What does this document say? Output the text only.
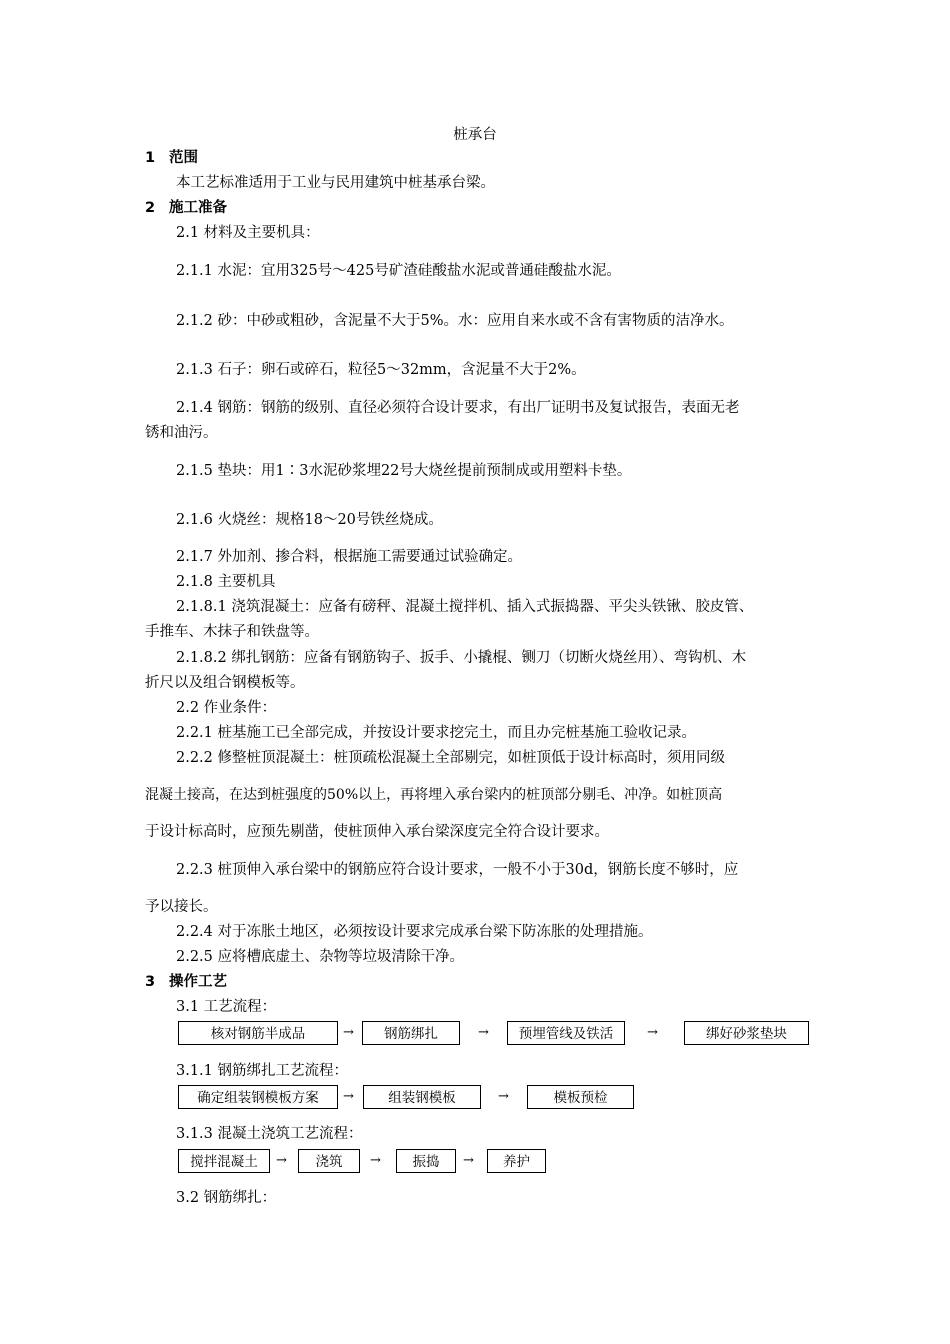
桩承台
1 范围
本工艺标准适用于工业与民用建筑中桩基承台梁。
2 施工准备
2.1 材料及主要机具：
2.1.1 水泥：宜用325号～425号矿渣硅酸盐水泥或普通硅酸盐水泥。
2.1.2 砂：中砂或粗砂，含泥量不大于5%。水：应用自来水或不含有害物质的洁净水。
2.1.3 石子：卵石或碎石，粒径5～32mm，含泥量不大于2%。
2.1.4 钢筋：钢筋的级别、直径必须符合设计要求，有出厂证明书及复试报告，表面无老
锈和油污。
2.1.5 垫块：用1∶3水泥砂浆埋22号大烧丝提前预制成或用塑料卡垫。
2.1.6 火烧丝：规格18～20号铁丝烧成。
2.1.7 外加剂、掺合料，根据施工需要通过试验确定。
2.1.8 主要机具
2.1.8.1 浇筑混凝土：应备有磅秤、混凝土搅拌机、插入式振捣器、平尖头铁锹、胶皮管、
手推车、木抹子和铁盘等。
2.1.8.2 绑扎钢筋：应备有钢筋钩子、扳手、小撬棍、铡刀（切断火烧丝用）、弯钩机、木
折尺以及组合钢模板等。
2.2 作业条件：
2.2.1 桩基施工已全部完成，并按设计要求挖完土，而且办完桩基施工验收记录。
2.2.2 修整桩顶混凝土：桩顶疏松混凝土全部剔完，如桩顶低于设计标高时，须用同级
混凝土接高，在达到桩强度的50%以上，再将埋入承台梁内的桩顶部分剔毛、冲净。如桩顶高
于设计标高时，应预先剔凿，使桩顶伸入承台梁深度完全符合设计要求。
2.2.3 桩顶伸入承台梁中的钢筋应符合设计要求，一般不小于30d，钢筋长度不够时，应
予以接长。
2.2.4 对于冻胀土地区，必须按设计要求完成承台梁下防冻胀的处理措施。
2.2.5 应将槽底虚土、杂物等垃圾清除干净。
3 操作工艺
3.1 工艺流程：
核对钢筋半成品	→	钢筋绑扎	→	预埋管线及铁活	→	绑好砂浆垫块
3.1.1 钢筋绑扎工艺流程：
确定组装钢模板方案	→	组装钢模板	→	模板预检
3.1.3 混凝土浇筑工艺流程：
搅拌混凝土	→	浇筑	→	振捣	→	养护
3.2 钢筋绑扎：
